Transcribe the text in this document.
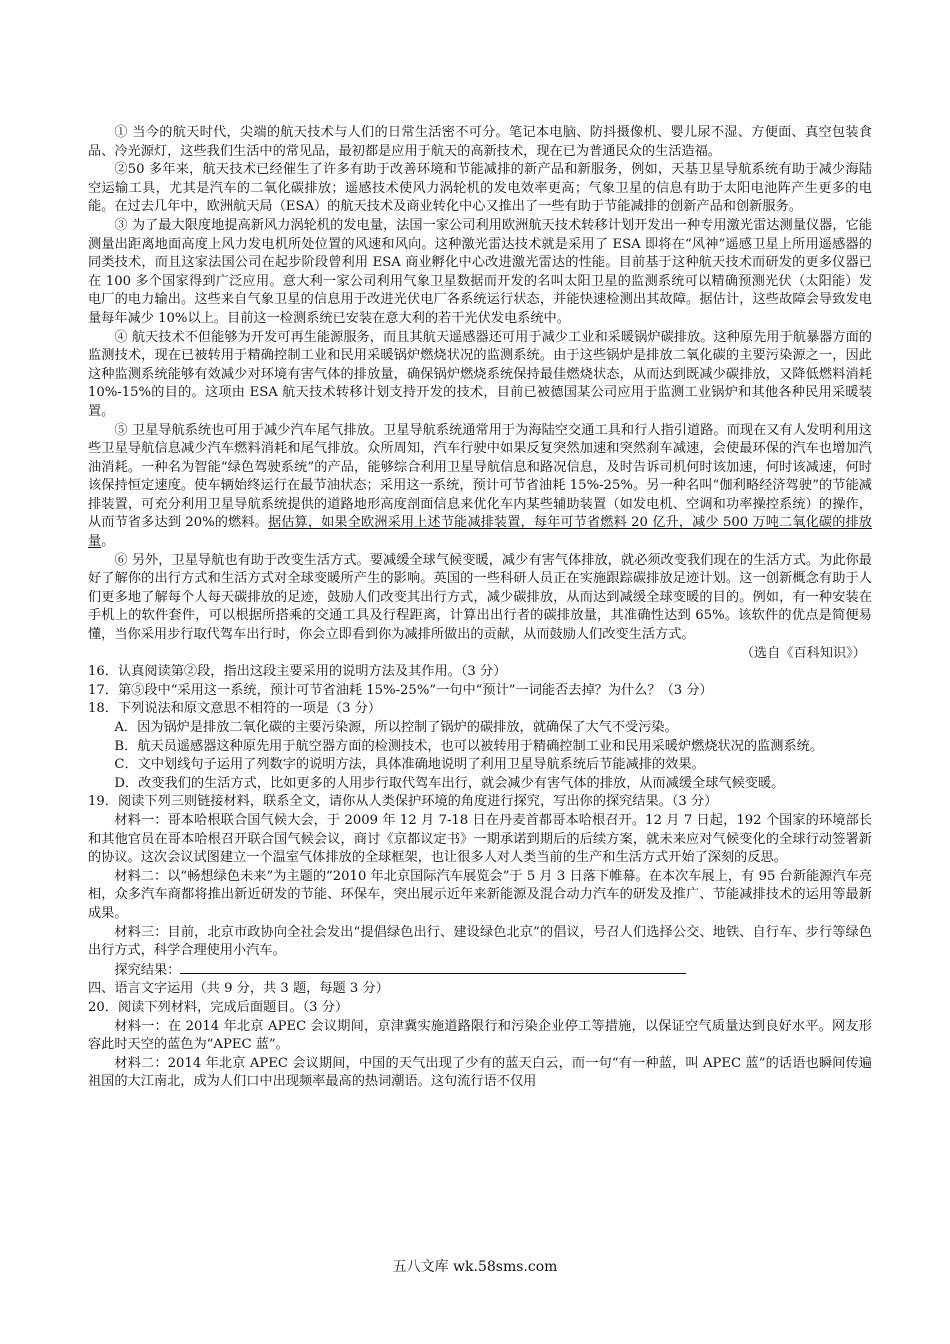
① 当今的航天时代，尖端的航天技术与人们的日常生活密不可分。笔记本电脑、防抖摄像机、婴儿尿不湿、方便面、真空包装食品、冷光源灯，这些我们生活中的常见品，最初都是应用于航天的高新技术，现在已为普通民众的生活造福。

②50 多年来，航天技术已经催生了许多有助于改善环境和节能减排的新产品和新服务，例如，天基卫星导航系统有助于减少海陆空运输工具，尤其是汽车的二氧化碳排放；遥感技术使风力涡轮机的发电效率更高；气象卫星的信息有助于太阳电池阵产生更多的电能。在过去几年中，欧洲航天局（ESA）的航天技术及商业转化中心又推出了一些有助于节能减排的创新产品和创新服务。

③ 为了最大限度地提高新风力涡轮机的发电量，法国一家公司利用欧洲航天技术转移计划开发出一种专用激光雷达测量仪器，它能测量出距离地面高度上风力发电机所处位置的风速和风向。这种激光雷达技术就是采用了 ESA 即将在“风神”遥感卫星上所用遥感器的同类技术，而且这家法国公司在起步阶段曾利用 ESA 商业孵化中心改进激光雷达的性能。目前基于这种航天技术而研发的更多仪器已在 100 多个国家得到广泛应用。意大利一家公司利用气象卫星数据而开发的名叫太阳卫星的监测系统可以精确预测光伏（太阳能）发电厂的电力输出。这些来自气象卫星的信息用于改进光伏电厂各系统运行状态，并能快速检测出其故障。据估计，这些故障会导致发电量每年减少 10%以上。目前这一检测系统已安装在意大利的若干光伏发电系统中。

④ 航天技术不但能够为开发可再生能源服务，而且其航天遥感器还可用于减少工业和采暖锅炉碳排放。这种原先用于航暴器方面的监测技术，现在已被转用于精确控制工业和民用采暖锅炉燃烧状况的监测系统。由于这些锅炉是排放二氧化碳的主要污染源之一，因此这种监测系统能够有效减少对环境有害气体的排放量，确保锅炉燃烧系统保持最佳燃烧状态，从而达到既减少碳排放，又降低燃料消耗 10%-15%的目的。这项由 ESA 航天技术转移计划支持开发的技术，目前已被德国某公司应用于监测工业锅炉和其他各种民用采暖装置。

⑤ 卫星导航系统也可用于减少汽车尾气排放。卫星导航系统通常用于为海陆空交通工具和行人指引道路。而现在又有人发明利用这些卫星导航信息减少汽车燃料消耗和尾气排放。众所周知，汽车行驶中如果反复突然加速和突然刹车减速，会使最环保的汽车也增加汽油消耗。一种名为智能“绿色驾驶系统”的产品，能够综合利用卫星导航信息和路况信息，及时告诉司机何时该加速，何时该减速，何时该保持恒定速度。使车辆始终运行在最节油状态；采用这一系统，预计可节省油耗 15%-25%。另一种名叫“伽利略经济驾驶”的节能减排装置，可充分利用卫星导航系统提供的道路地形高度剖面信息来优化车内某些辅助装置（如发电机、空调和功率操控系统）的操作，从而节省多达到 20%的燃料。据估算，如果全欧洲采用上述节能减排装置，每年可节省燃料 20 亿升，减少 500 万吨二氧化碳的排放量。

⑥ 另外，卫星导航也有助于改变生活方式。要减缓全球气候变暖，减少有害气体排放，就必须改变我们现在的生活方式。为此你最好了解你的出行方式和生活方式对全球变暖所产生的影响。英国的一些科研人员正在实施跟踪碳排放足迹计划。这一创新概念有助于人们更多地了解每个人每天碳排放的足迹，鼓励人们改变其出行方式，减少碳排放，从而达到减缓全球变暖的目的。例如，有一种安装在手机上的软件套件，可以根据所搭乘的交通工具及行程距离，计算出出行者的碳排放量，其准确性达到 65%。该软件的优点是简便易懂，当你采用步行取代驾车出行时，你会立即看到你为减排所做出的贡献，从而鼓励人们改变生活方式。

（选自《百科知识》）

16．认真阅读第②段，指出这段主要采用的说明方法及其作用。（3 分）

17．第⑤段中“采用这一系统，预计可节省油耗 15%-25%”一句中“预计”一词能否去掉？为什么？（3 分）

18．下列说法和原文意思不相符的一项是（3 分）

A．因为锅炉是排放二氧化碳的主要污染源，所以控制了锅炉的碳排放，就确保了大气不受污染。

B．航天员遥感器这种原先用于航空器方面的检测技术，也可以被转用于精确控制工业和民用采暖炉燃烧状况的监测系统。

C．文中划线句子运用了列数字的说明方法，具体准确地说明了利用卫星导航系统后节能减排的效果。

D．改变我们的生活方式，比如更多的人用步行取代驾车出行，就会减少有害气体的排放，从而减缓全球气候变暖。

19．阅读下列三则链接材料，联系全文，请你从人类保护环境的角度进行探究，写出你的探究结果。（3 分）

材料一：哥本哈根联合国气候大会，于 2009 年 12 月 7-18 日在丹麦首都哥本哈根召开。12 月 7 日起，192 个国家的环境部长和其他官员在哥本哈根召开联合国气候会议，商讨《京都议定书》一期承诺到期后的后续方案，就未来应对气候变化的全球行动签署新的协议。这次会议试图建立一个温室气体排放的全球框架，也让很多人对人类当前的生产和生活方式开始了深刻的反思。

材料二：以“畅想绿色未来”为主题的“2010 年北京国际汽车展览会”于 5 月 3 日落下帷幕。在本次车展上，有 95 台新能源汽车亮相，众多汽车商都将推出新近研发的节能、环保车，突出展示近年来新能源及混合动力汽车的研发及推广、节能减排技术的运用等最新成果。

材料三：目前，北京市政协向全社会发出“提倡绿色出行、建设绿色北京”的倡议，号召人们选择公交、地铁、自行车、步行等绿色出行方式，科学合理使用小汽车。

探究结果：

四、语言文字运用（共 9 分，共 3 题，每题 3 分）

20．阅读下列材料，完成后面题目。（3 分）

材料一：在 2014 年北京 APEC 会议期间，京津冀实施道路限行和污染企业停工等措施，以保证空气质量达到良好水平。网友形容此时天空的蓝色为“APEC 蓝”。

材料二：2014 年北京 APEC 会议期间，中国的天气出现了少有的蓝天白云，而一句“有一种蓝，叫 APEC 蓝”的话语也瞬间传遍祖国的大江南北，成为人们口中出现频率最高的热词潮语。这句流行语不仅用

五八文库 wk.58sms.com
